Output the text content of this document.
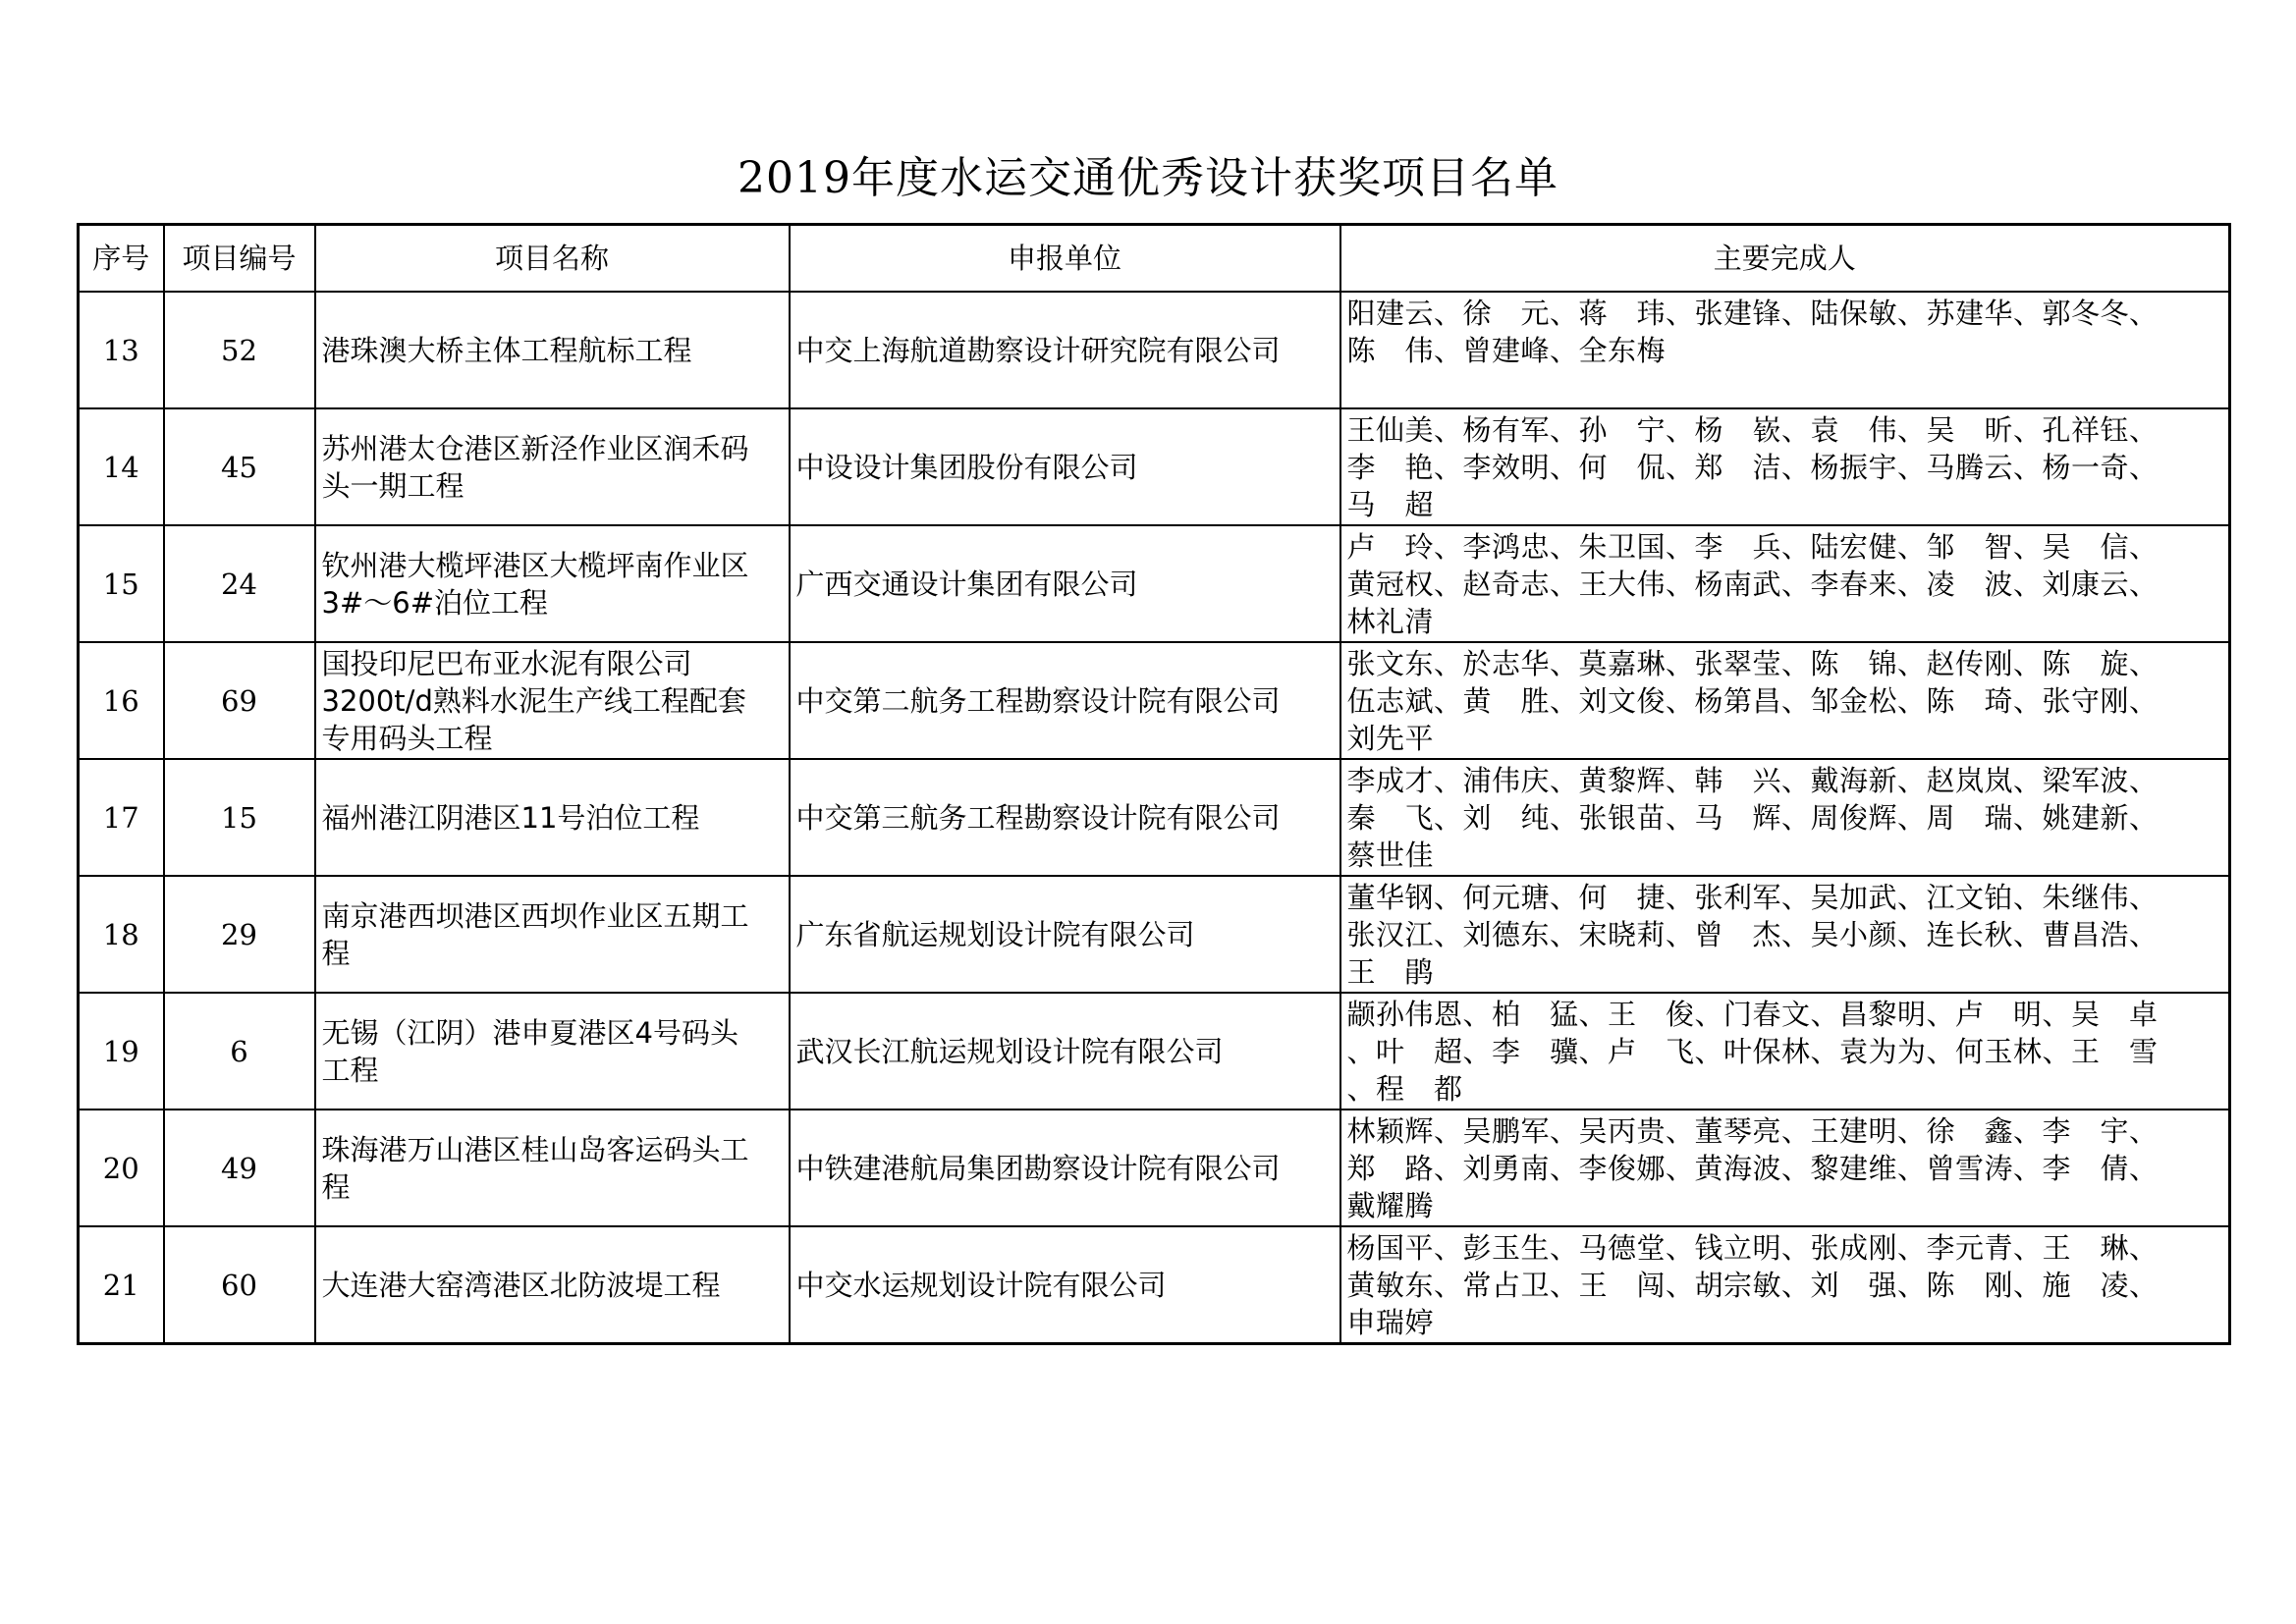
2019年度水运交通优秀设计获奖项目名单
序号	项目编号	项目名称	申报单位	主要完成人
13	52	港珠澳大桥主体工程航标工程	中交上海航道勘察设计研究院有限公司	阳建云、徐　元、蒋　玮、张建锋、陆保敏、苏建华、郭冬冬、
陈　伟、曾建峰、全东梅

14	45	苏州港太仓港区新泾作业区润禾码
头一期工程	中设设计集团股份有限公司	王仙美、杨有军、孙　宁、杨　嵚、袁　伟、吴　昕、孔祥钰、
李　艳、李效明、何　侃、郑　洁、杨振宇、马腾云、杨一奇、
马　超

15	24	钦州港大榄坪港区大榄坪南作业区
3#～6#泊位工程	广西交通设计集团有限公司	卢　玲、李鸿忠、朱卫国、李　兵、陆宏健、邹　智、吴　信、
黄冠权、赵奇志、王大伟、杨南武、李春来、凌　波、刘康云、
林礼清

16	69	国投印尼巴布亚水泥有限公司
3200t/d熟料水泥生产线工程配套
专用码头工程	中交第二航务工程勘察设计院有限公司	张文东、於志华、莫嘉琳、张翠莹、陈　锦、赵传刚、陈　旋、
伍志斌、黄　胜、刘文俊、杨第昌、邹金松、陈　琦、张守刚、
刘先平

17	15	福州港江阴港区11号泊位工程	中交第三航务工程勘察设计院有限公司	李成才、浦伟庆、黄黎辉、韩　兴、戴海新、赵岚岚、梁军波、
秦　飞、刘　纯、张银苗、马　辉、周俊辉、周　瑞、姚建新、
蔡世佳

18	29	南京港西坝港区西坝作业区五期工
程	广东省航运规划设计院有限公司	董华钢、何元瑭、何　捷、张利军、吴加武、江文铂、朱继伟、
张汉江、刘德东、宋晓莉、曾　杰、吴小颜、连长秋、曹昌浩、
王　鹃

19	6	无锡（江阴）港申夏港区4号码头
工程	武汉长江航运规划设计院有限公司	颛孙伟恩、柏　猛、王　俊、门春文、昌黎明、卢　明、吴　卓
、叶　超、李　骥、卢　飞、叶保林、袁为为、何玉林、王　雪
、程　都

20	49	珠海港万山港区桂山岛客运码头工
程	中铁建港航局集团勘察设计院有限公司	林颖辉、吴鹏军、吴丙贵、董琴亮、王建明、徐　鑫、李　宇、
郑　路、刘勇南、李俊娜、黄海波、黎建维、曾雪涛、李　倩、
戴耀腾

21	60	大连港大窑湾港区北防波堤工程	中交水运规划设计院有限公司	杨国平、彭玉生、马德堂、钱立明、张成刚、李元青、王　琳、
黄敏东、常占卫、王　闯、胡宗敏、刘　强、陈　刚、施　凌、
申瑞婷
